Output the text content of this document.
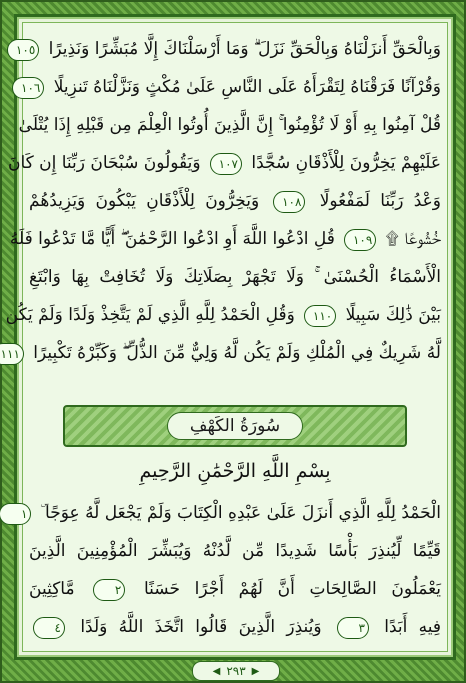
وَبِالْحَقِّ أَنزَلْنَاهُ وَبِالْحَقِّ نَزَلَ ۗ وَمَا أَرْسَلْنَاكَ إِلَّا مُبَشِّرًا وَنَذِيرًا ١٠٥
وَقُرْآنًا فَرَقْنَاهُ لِتَقْرَأَهُ عَلَى النَّاسِ عَلَىٰ مُكْثٍ وَنَزَّلْنَاهُ تَنزِيلًا ١٠٦
قُلْ آمِنُوا بِهِ أَوْ لَا تُؤْمِنُوا ۚ إِنَّ الَّذِينَ أُوتُوا الْعِلْمَ مِن قَبْلِهِ إِذَا يُتْلَىٰ
عَلَيْهِمْ يَخِرُّونَ لِلْأَذْقَانِ سُجَّدًا ١٠٧ وَيَقُولُونَ سُبْحَانَ رَبِّنَا إِن كَانَ
وَعْدُ رَبِّنَا لَمَفْعُولًا ١٠٨ وَيَخِرُّونَ لِلْأَذْقَانِ يَبْكُونَ وَيَزِيدُهُمْ
خُشُوعًا ۩ ١٠٩ قُلِ ادْعُوا اللَّهَ أَوِ ادْعُوا الرَّحْمَٰنَ ۖ أَيًّا مَّا تَدْعُوا فَلَهُ
الْأَسْمَاءُ الْحُسْنَىٰ ۚ وَلَا تَجْهَرْ بِصَلَاتِكَ وَلَا تُخَافِتْ بِهَا وَابْتَغِ
بَيْنَ ذَٰلِكَ سَبِيلًا ١١٠ وَقُلِ الْحَمْدُ لِلَّهِ الَّذِي لَمْ يَتَّخِذْ وَلَدًا وَلَمْ يَكُن
لَّهُ شَرِيكٌ فِي الْمُلْكِ وَلَمْ يَكُن لَّهُ وَلِيٌّ مِّنَ الذُّلِّ ۖ وَكَبِّرْهُ تَكْبِيرًا ١١١
سُورَةُ الكَهْفِ
بِسْمِ اللَّهِ الرَّحْمَٰنِ الرَّحِيمِ
الْحَمْدُ لِلَّهِ الَّذِي أَنزَلَ عَلَىٰ عَبْدِهِ الْكِتَابَ وَلَمْ يَجْعَل لَّهُ عِوَجًا ۜ ١
قَيِّمًا لِّيُنذِرَ بَأْسًا شَدِيدًا مِّن لَّدُنْهُ وَيُبَشِّرَ الْمُؤْمِنِينَ الَّذِينَ
يَعْمَلُونَ الصَّالِحَاتِ أَنَّ لَهُمْ أَجْرًا حَسَنًا ٢ مَّاكِثِينَ
فِيهِ أَبَدًا ٣ وَيُنذِرَ الَّذِينَ قَالُوا اتَّخَذَ اللَّهُ وَلَدًا ٤
◀ ٢٩٣ ▶
